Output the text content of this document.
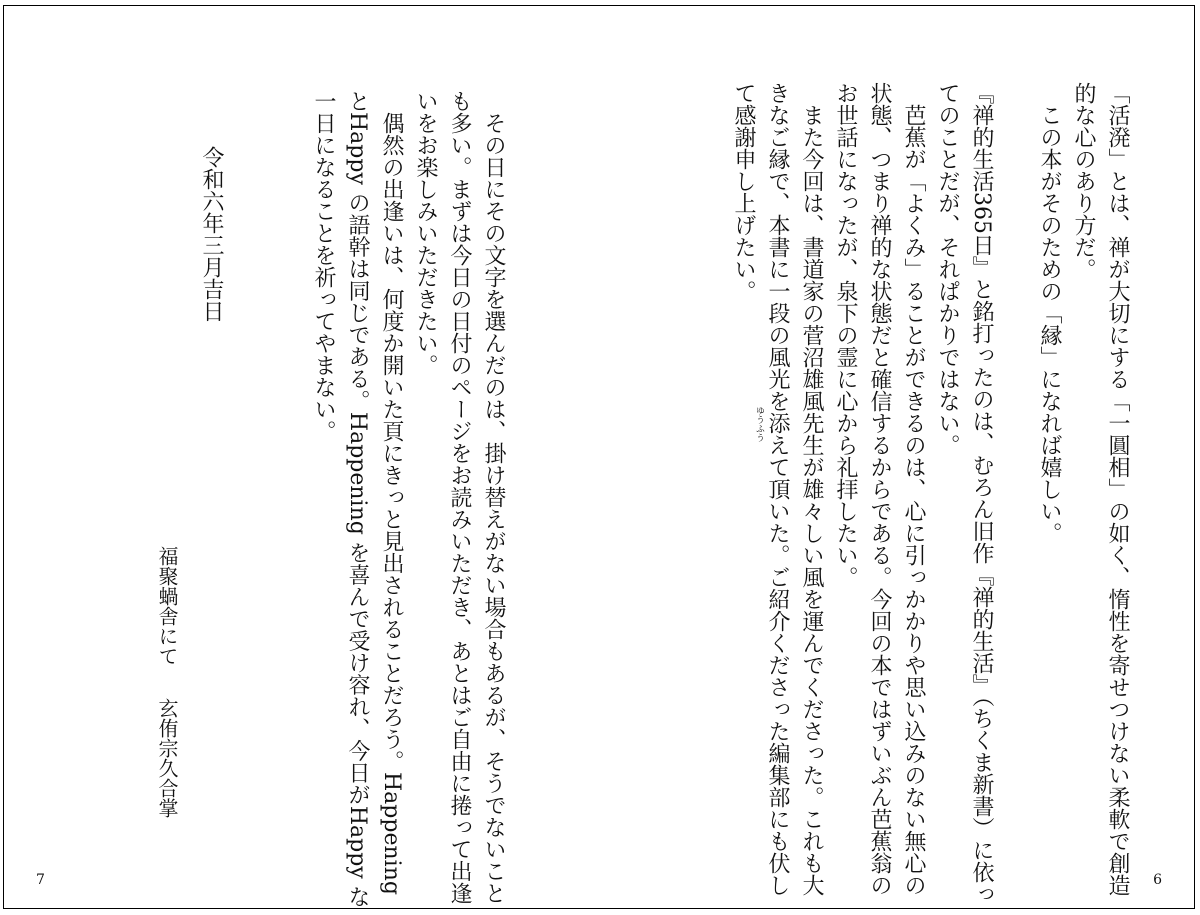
「活溌」とは、禅が大切にする「一圓相」の如く、惰性を寄せつけない柔軟で創造
的な心のあり方だ。
　この本がそのための「縁」になれば嬉しい。

『禅的生活365日』と銘打ったのは、むろん旧作『禅的生活』（ちくま新書）に依っ
てのことだが、それぱかりではない。
　芭蕉が「よくみ」ることができるのは、心に引っかかりや思い込みのない無心の
状態、つまり禅的な状態だと確信するからである。今回の本ではずいぶん芭蕉翁の
お世話になったが、泉下の霊に心から礼拝したい。
　また今回は、書道家の菅沼雄風先生が雄々しい風を運んでくださった。これも大
きなご縁で、本書に一段の風光を添えて頂いた。ご紹介くださった編集部にも伏し
て感謝申し上げたい。
ゆうふう
　その日にその文字を選んだのは、掛け替えがない場合もあるが、そうでないこと
も多い。まずは今日の日付のページをお読みいただき、あとはご自由に捲って出逢
いをお楽しみいただきたい。
　偶然の出逢いは、何度か開いた頁にきっと見出されることだろう。Happening
とHappy の語幹は同じである。Happening を喜んで受け容れ、今日がHappy な
一日になることを祈ってやまない。
令和六年三月吉日
福聚蝸舎にて
玄侑宗久合掌
7	6
